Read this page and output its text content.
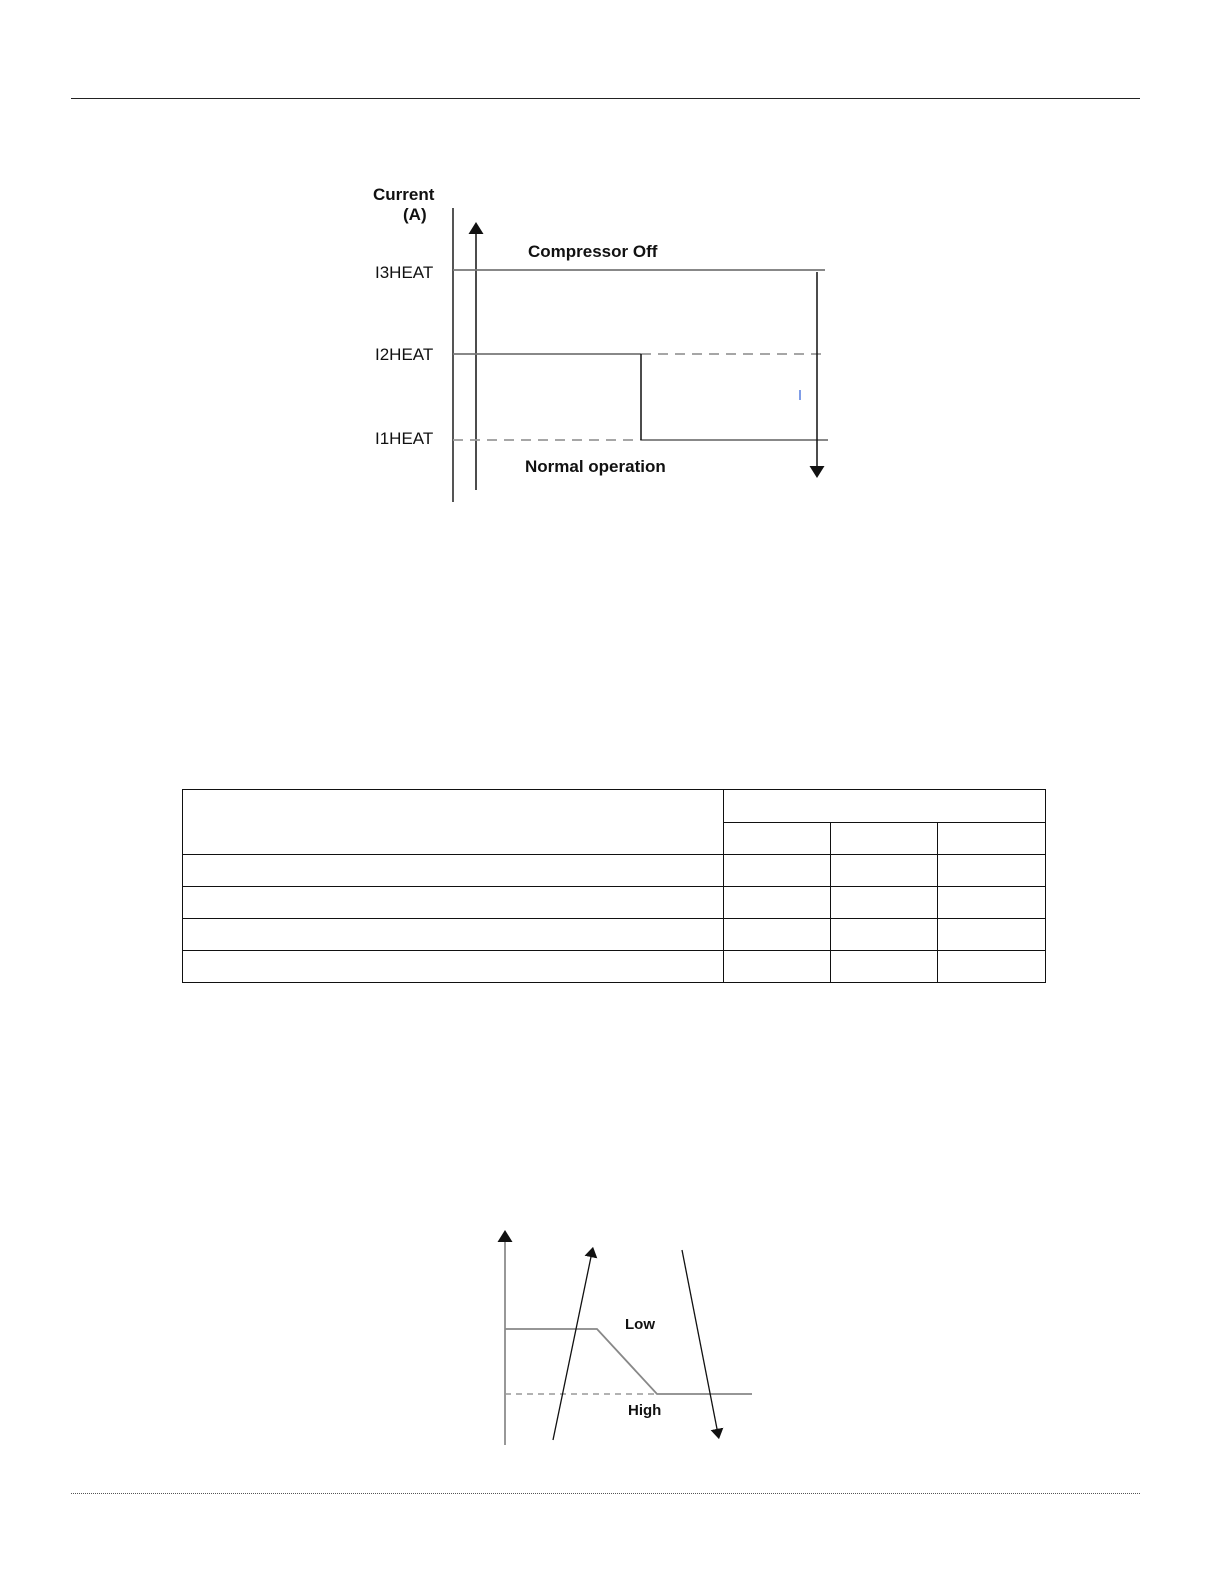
Current
(A)
I3HEAT
I2HEAT
I1HEAT
Compressor Off
Normal operation
Low
High
